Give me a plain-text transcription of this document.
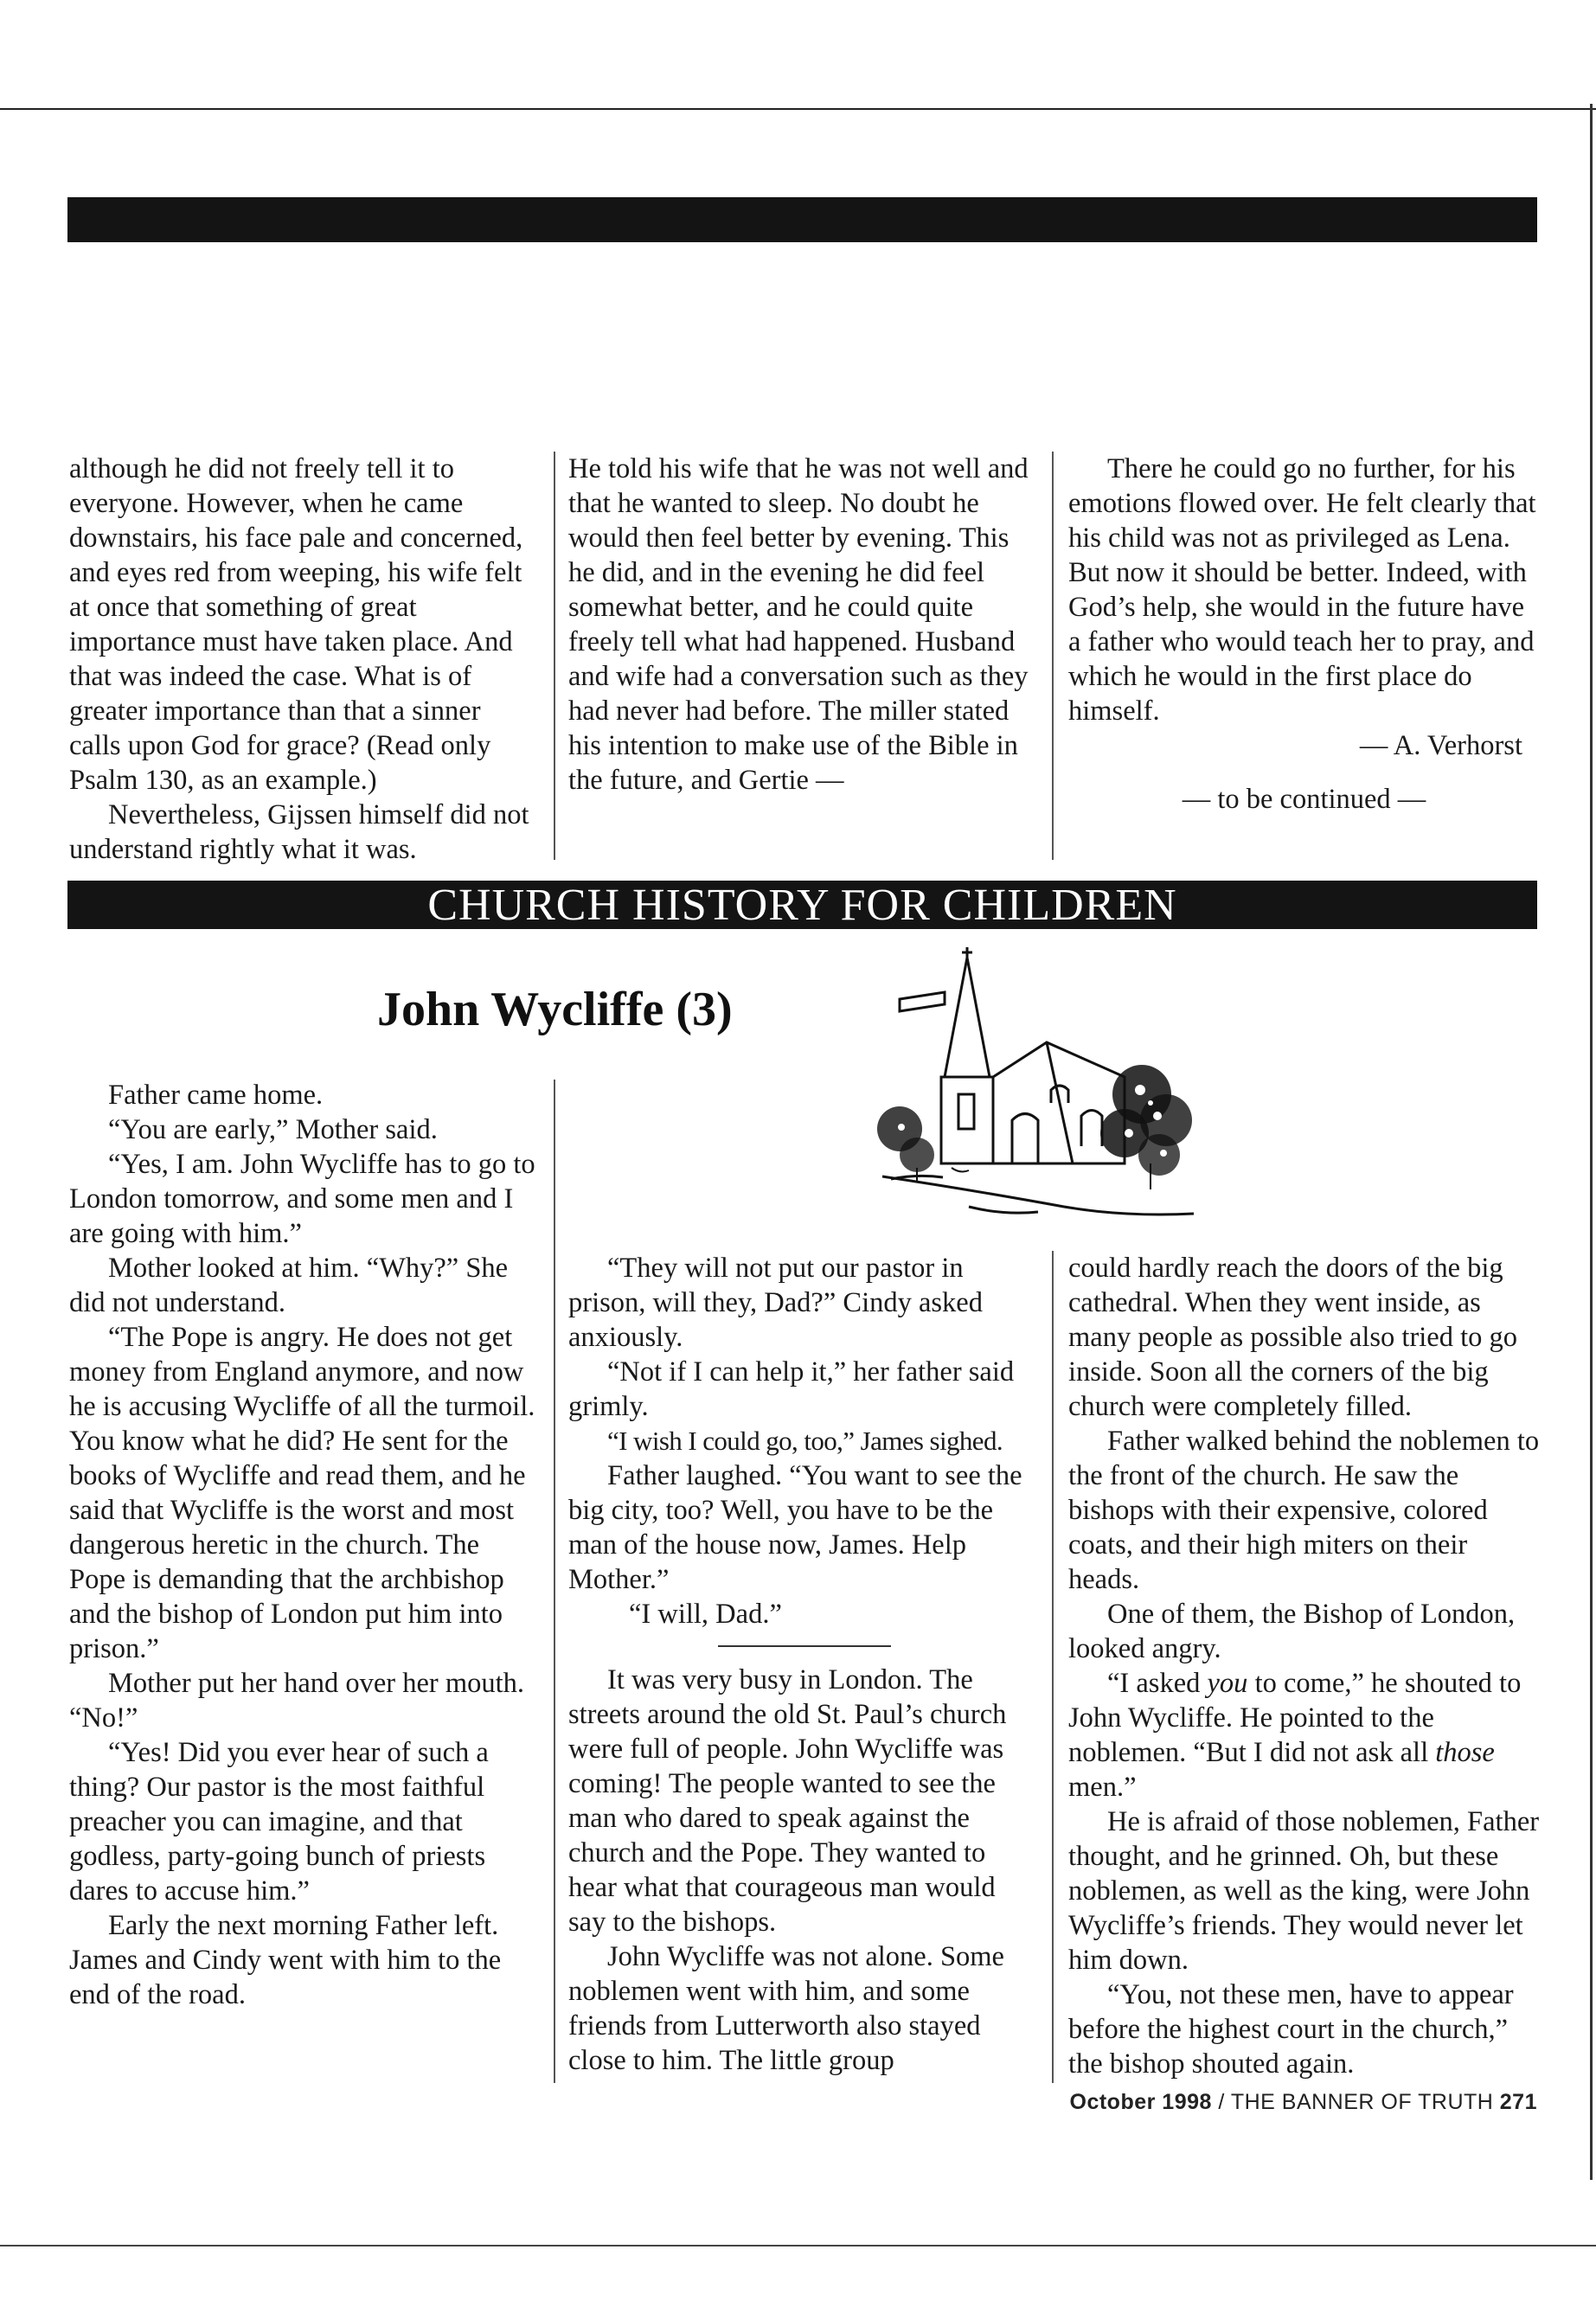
although he did not freely tell it to everyone. However, when he came downstairs, his face pale and concerned, and eyes red from weeping, his wife felt at once that something of great importance must have taken place. And that was indeed the case. What is of greater importance than that a sinner calls upon God for grace? (Read only Psalm 130, as an example.)

Nevertheless, Gijssen himself did not understand rightly what it was.

He told his wife that he was not well and that he wanted to sleep. No doubt he would then feel better by evening. This he did, and in the evening he did feel somewhat better, and he could quite freely tell what had happened. Husband and wife had a conversation such as they had never had before. The miller stated his intention to make use of the Bible in the future, and Gertie —

There he could go no further, for his emotions flowed over. He felt clearly that his child was not as privileged as Lena. But now it should be better. Indeed, with God’s help, she would in the future have a father who would teach her to pray, and which he would in the first place do himself.

— A. Verhorst

— to be continued —

CHURCH HISTORY FOR CHILDREN
John Wycliffe (3)

Father came home.

“You are early,” Mother said.

“Yes, I am. John Wycliffe has to go to London tomorrow, and some men and I are going with him.”

Mother looked at him. “Why?” She did not understand.

“The Pope is angry. He does not get money from England anymore, and now he is accusing Wycliffe of all the turmoil. You know what he did? He sent for the books of Wycliffe and read them, and he said that Wycliffe is the worst and most dangerous heretic in the church. The Pope is demanding that the archbishop and the bishop of London put him into prison.”

Mother put her hand over her mouth. “No!”

“Yes! Did you ever hear of such a thing? Our pastor is the most faithful preacher you can imagine, and that godless, party-going bunch of priests dares to accuse him.”

Early the next morning Father left. James and Cindy went with him to the end of the road.

“They will not put our pastor in prison, will they, Dad?” Cindy asked anxiously.

“Not if I can help it,” her father said grimly.

“I wish I could go, too,” James sighed.

Father laughed. “You want to see the big city, too? Well, you have to be the man of the house now, James. Help Mother.”

“I will, Dad.”

It was very busy in London. The streets around the old St. Paul’s church were full of people. John Wycliffe was coming! The people wanted to see the man who dared to speak against the church and the Pope. They wanted to hear what that courageous man would say to the bishops.

John Wycliffe was not alone. Some noblemen went with him, and some friends from Lutterworth also stayed close to him. The little group

could hardly reach the doors of the big cathedral. When they went inside, as many people as possible also tried to go inside. Soon all the corners of the big church were completely filled.

Father walked behind the noblemen to the front of the church. He saw the bishops with their expensive, colored coats, and their high miters on their heads.

One of them, the Bishop of London, looked angry.

“I asked you to come,” he shouted to John Wycliffe. He pointed to the noblemen. “But I did not ask all those men.”

He is afraid of those noblemen, Father thought, and he grinned. Oh, but these noblemen, as well as the king, were John Wycliffe’s friends. They would never let him down.

“You, not these men, have to appear before the highest court in the church,” the bishop shouted again.

October 1998 / THE BANNER OF TRUTH 271
